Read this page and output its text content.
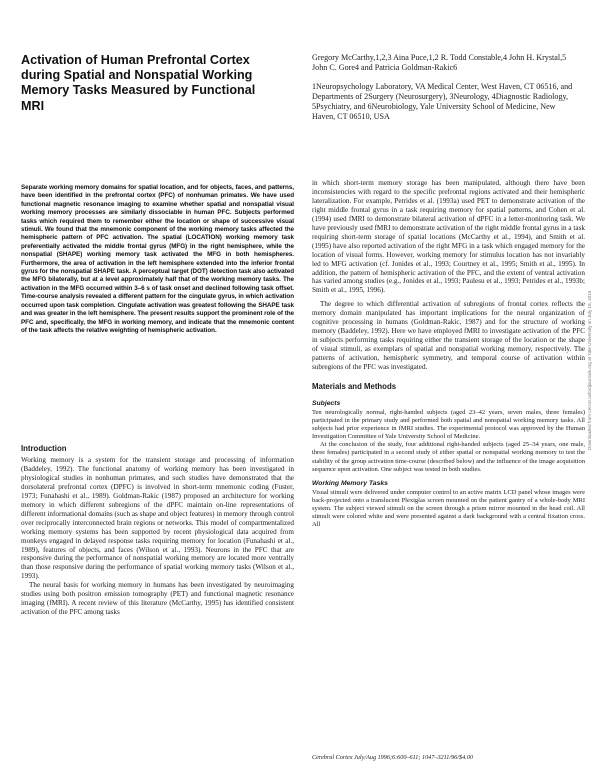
Activation of Human Prefrontal Cortex during Spatial and Nonspatial Working Memory Tasks Measured by Functional MRI
Gregory McCarthy,1,2,3 Aina Puce,1,2 R. Todd Constable,4 John H. Krystal,5 John C. Gore4 and Patricia Goldman-Rakic6

1Neuropsychology Laboratory, VA Medical Center, West Haven, CT 06516, and Departments of 2Surgery (Neurosurgery), 3Neurology, 4Diagnostic Radiology, 5Psychiatry, and 6Neurobiology, Yale University School of Medicine, New Haven, CT 06510, USA

Separate working memory domains for spatial location, and for objects, faces, and patterns, have been identified in the prefrontal cortex (PFC) of nonhuman primates. We have used functional magnetic resonance imaging to examine whether spatial and nonspatial visual working memory processes are similarly dissociable in human PFC. Subjects performed tasks which required them to remember either the location or shape of successive visual stimuli. We found that the mnemonic component of the working memory tasks affected the hemispheric pattern of PFC activation. The spatial (LOCATION) working memory task preferentially activated the middle frontal gyrus (MFG) in the right hemisphere, while the nonspatial (SHAPE) working memory task activated the MFG in both hemispheres. Furthermore, the area of activation in the left hemisphere extended into the inferior frontal gyrus for the nonspatial SHAPE task. A perceptual target (DOT) detection task also activated the MFG bilaterally, but at a level approximately half that of the working memory tasks. The activation in the MFG occurred within 3–6 s of task onset and declined following task offset. Time-course analysis revealed a different pattern for the cingulate gyrus, in which activation occurred upon task completion. Cingulate activation was greatest following the SHAPE task and was greater in the left hemisphere. The present results support the prominent role of the PFC and, specifically, the MFG in working memory, and indicate that the mnemonic content of the task affects the relative weighting of hemispheric activation.

Introduction

Working memory is a system for the transient storage and processing of information (Baddeley, 1992). The functional anatomy of working memory has been investigated in physiological studies in nonhuman primates, and such studies have demonstrated that the dorsolateral prefrontal cortex (DPFC) is involved in short-term mnemonic coding (Fuster, 1973; Funahashi et al., 1989). Goldman-Rakic (1987) proposed an architecture for working memory in which different subregions of the dPFC maintain on-line representations of different informational domains (such as shape and object features) in memory through control over reciprocally interconnected brain regions or networks. This model of compartmentalized working memory systems has been supported by recent physiological data acquired from monkeys engaged in delayed response tasks requiring memory for location (Funahashi et al., 1989), features of objects, and faces (Wilson et al., 1993). Neurons in the PFC that are responsive during the performance of nonspatial working memory are located more ventrally than those responsive during the performance of spatial working memory tasks (Wilson et al., 1993).

The neural basis for working memory in humans has been investigated by neuroimaging studies using both positron emission tomography (PET) and functional magnetic resonance imaging (fMRI). A recent review of this literature (McCarthy, 1995) has identified consistent activation of the PFC among tasks

in which short-term memory storage has been manipulated, although there have been inconsistencies with regard to the specific prefrontal regions activated and their hemispheric lateralization. For example, Petrides et al. (1993a) used PET to demonstrate activation of the right middle frontal gyrus in a task requiring memory for spatial patterns, and Cohen et al. (1994) used fMRI to demonstrate bilateral activation of dPFC in a letter-monitoring task. We have previously used fMRI to demonstrate activation of the right middle frontal gyrus in a task requiring short-term storage of spatial locations (McCarthy et al., 1994), and Smith et al. (1995) have also reported activation of the right MFG in a task which engaged memory for the location of visual forms. However, working memory for stimulus location has not invariably led to MFG activation (cf. Jonides et al., 1993; Courtney et al., 1995; Smith et al., 1995). In addition, the pattern of hemispheric activation of the PFC, and the extent of ventral activation has varied among studies (e.g., Jonides et al., 1993; Paulesu et al., 1993; Petrides et al., 1993b; Smith et al., 1995, 1996).

The degree to which differential activation of subregions of frontal cortex reflects the memory domain manipulated has important implications for the neural organization of cognitive processing in humans (Goldman-Rakic, 1987) and for the structure of working memory (Baddeley, 1992). Here we have employed fMRI to investigate activation of the PFC in subjects performing tasks requiring either the transient storage of the location or the shape of visual stimuli, as exemplars of spatial and nonspatial working memory, respectively. The patterns of activation, hemispheric symmetry, and temporal course of activation within subregions of the PFC was investigated.

Materials and Methods
Subjects

Ten neurologically normal, right-handed subjects (aged 23–42 years, seven males, three females) participated in the primary study and performed both spatial and nonspatial working memory tasks. All subjects had prior experience in fMRI studies. The experimental protocol was approved by the Human Investigation Committee of Yale University School of Medicine.

At the conclusion of the study, four additional right-handed subjects (aged 25–34 years, one male, three females) participated in a second study of either spatial or nonspatial working memory to test the stability of the group activation time-course (described below) and the influence of the image acquisition sequence upon activation. One subject was tested in both studies.

Working Memory Tasks

Visual stimuli were delivered under computer control to an active matrix LCD panel whose images were back-projected onto a translucent Plexiglas screen mounted on the patient gantry of a whole-body MRI system. The subject viewed stimuli on the screen through a prism mirror mounted in the head coil. All stimuli were colored white and were presented against a dark background with a central fixation cross. All

Cerebral Cortex July/Aug 1996;6:600–611; 1047–3211/96/$4.00
Downloaded from cercor.oxfordjournals.org at Yale University on July 18, 2015
